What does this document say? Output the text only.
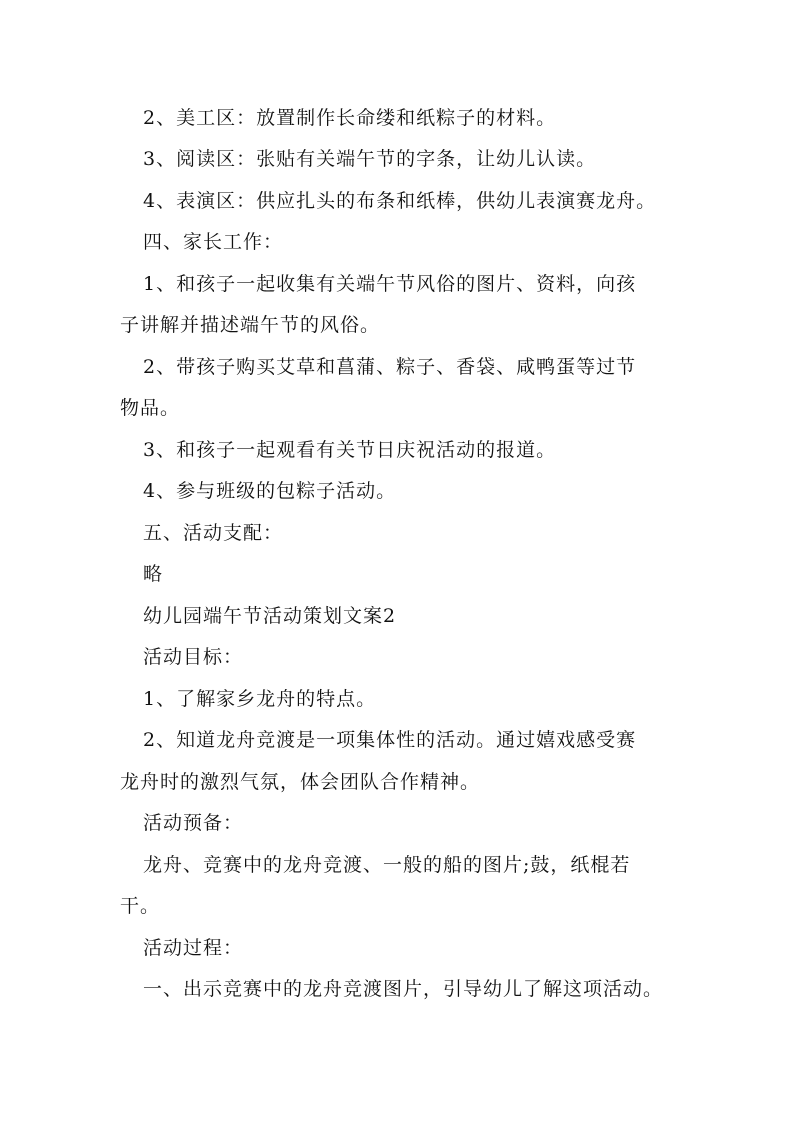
2、美工区：放置制作长命缕和纸粽子的材料。
3、阅读区：张贴有关端午节的字条，让幼儿认读。
4、表演区：供应扎头的布条和纸棒，供幼儿表演赛龙舟。
四、家长工作：
1、和孩子一起收集有关端午节风俗的图片、资料，向孩
子讲解并描述端午节的风俗。
2、带孩子购买艾草和菖蒲、粽子、香袋、咸鸭蛋等过节
物品。
3、和孩子一起观看有关节日庆祝活动的报道。
4、参与班级的包粽子活动。
五、活动支配：
略
幼儿园端午节活动策划文案2
活动目标：
1、了解家乡龙舟的特点。
2、知道龙舟竞渡是一项集体性的活动。通过嬉戏感受赛
龙舟时的激烈气氛，体会团队合作精神。
活动预备：
龙舟、竞赛中的龙舟竞渡、一般的船的图片;鼓，纸棍若
干。
活动过程：
一、出示竞赛中的龙舟竞渡图片，引导幼儿了解这项活动。
